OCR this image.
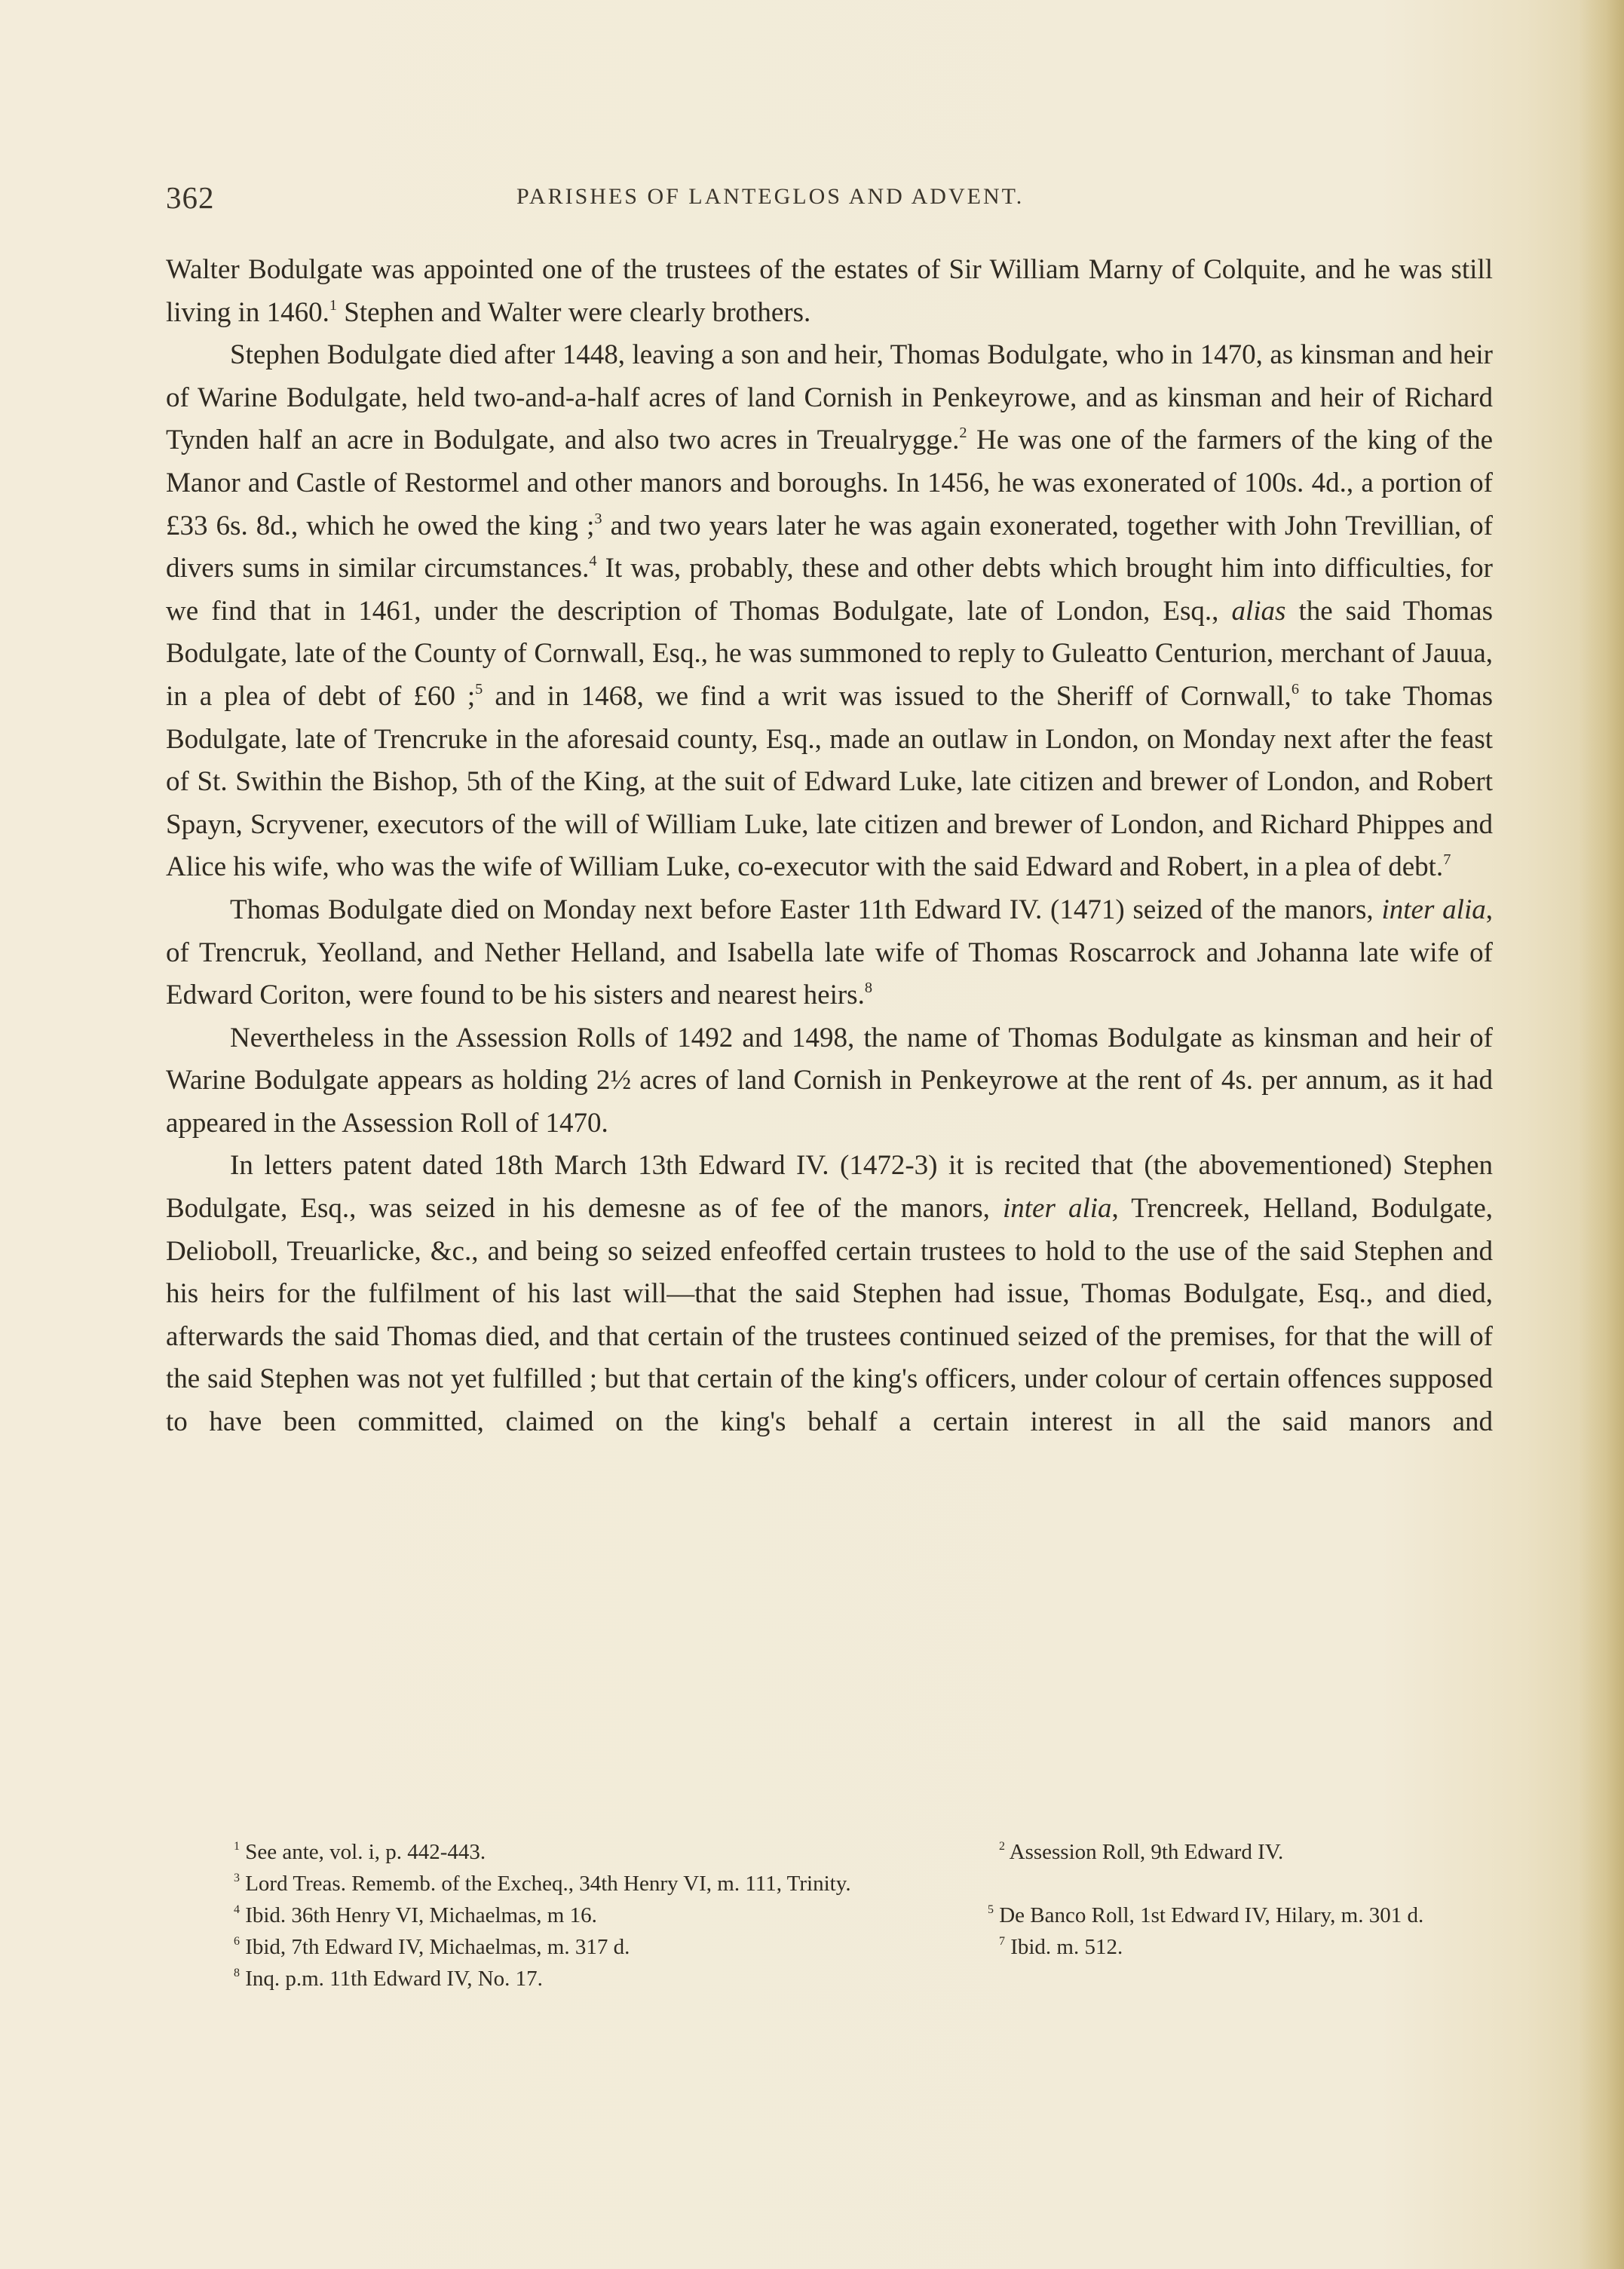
362	PARISHES OF LANTEGLOS AND ADVENT.

Walter Bodulgate was appointed one of the trustees of the estates of Sir William Marny of Colquite, and he was still living in 1460.$^1$ Stephen and Walter were clearly brothers.

Stephen Bodulgate died after 1448, leaving a son and heir, Thomas Bodulgate, who in 1470, as kinsman and heir of Warine Bodulgate, held two-and-a-half acres of land Cornish in Penkeyrowe, and as kinsman and heir of Richard Tynden half an acre in Bodulgate, and also two acres in Treualrygge.$^2$ He was one of the farmers of the king of the Manor and Castle of Restormel and other manors and boroughs. In 1456, he was exonerated of 100s. 4d., a portion of £33 6s. 8d., which he owed the king ;$^3$ and two years later he was again exonerated, together with John Trevillian, of divers sums in similar circumstances.$^4$ It was, probably, these and other debts which brought him into difficulties, for we find that in 1461, under the description of Thomas Bodulgate, late of London, Esq., alias the said Thomas Bodulgate, late of the County of Cornwall, Esq., he was summoned to reply to Guleatto Centurion, merchant of Jauua, in a plea of debt of £60 ;$^5$ and in 1468, we find a writ was issued to the Sheriff of Cornwall,$^6$ to take Thomas Bodulgate, late of Trencruke in the aforesaid county, Esq., made an outlaw in London, on Monday next after the feast of St. Swithin the Bishop, 5th of the King, at the suit of Edward Luke, late citizen and brewer of London, and Robert Spayn, Scryvener, executors of the will of William Luke, late citizen and brewer of London, and Richard Phippes and Alice his wife, who was the wife of William Luke, co-executor with the said Edward and Robert, in a plea of debt.$^7$

Thomas Bodulgate died on Monday next before Easter 11th Edward IV. (1471) seized of the manors, inter alia, of Trencruk, Yeolland, and Nether Helland, and Isabella late wife of Thomas Roscarrock and Johanna late wife of Edward Coriton, were found to be his sisters and nearest heirs.$^8$

Nevertheless in the Assession Rolls of 1492 and 1498, the name of Thomas Bodulgate as kinsman and heir of Warine Bodulgate appears as holding 2½ acres of land Cornish in Penkeyrowe at the rent of 4s. per annum, as it had appeared in the Assession Roll of 1470.

In letters patent dated 18th March 13th Edward IV. (1472-3) it is recited that (the abovementioned) Stephen Bodulgate, Esq., was seized in his demesne as of fee of the manors, inter alia, Trencreek, Helland, Bodulgate, Delioboll, Treuarlicke, &c., and being so seized enfeoffed certain trustees to hold to the use of the said Stephen and his heirs for the fulfilment of his last will—that the said Stephen had issue, Thomas Bodulgate, Esq., and died, afterwards the said Thomas died, and that certain of the trustees continued seized of the premises, for that the will of the said Stephen was not yet fulfilled ; but that certain of the king's officers, under colour of certain offences supposed to have been committed, claimed on the king's behalf a certain interest in all the said manors and

$^1$ See ante, vol. i, p. 442-443.	$^2$ Assession Roll, 9th Edward IV.
$^3$ Lord Treas. Rememb. of the Excheq., 34th Henry VI, m. 111, Trinity.
$^4$ Ibid. 36th Henry VI, Michaelmas, m 16.	$^5$ De Banco Roll, 1st Edward IV, Hilary, m. 301 d.
$^6$ Ibid, 7th Edward IV, Michaelmas, m. 317 d.	$^7$ Ibid. m. 512.
$^8$ Inq. p.m. 11th Edward IV, No. 17.
